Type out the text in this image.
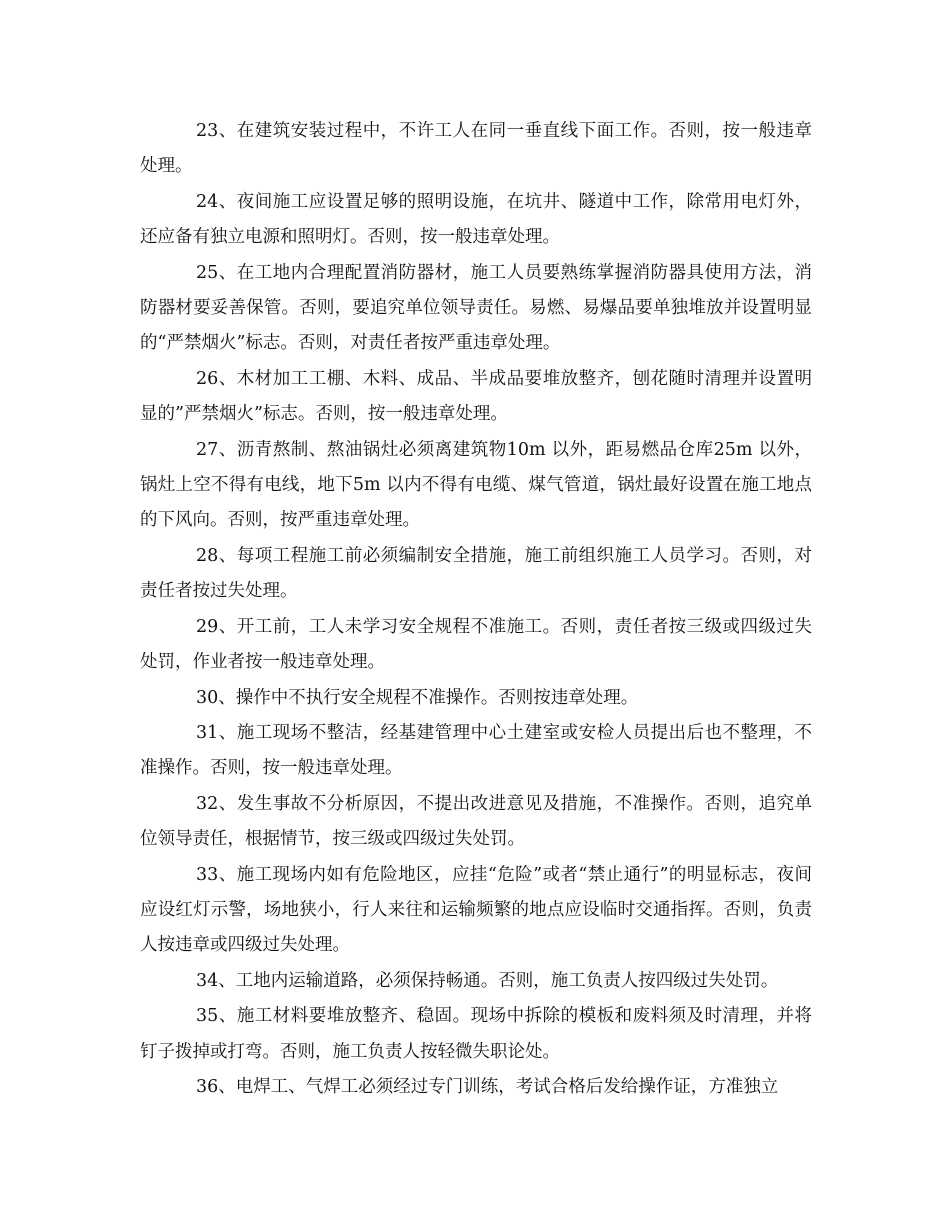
23、在建筑安装过程中，不许工人在同一垂直线下面工作。否则，按一般违章处理。

24、夜间施工应设置足够的照明设施，在坑井、隧道中工作，除常用电灯外，还应备有独立电源和照明灯。否则，按一般违章处理。

25、在工地内合理配置消防器材，施工人员要熟练掌握消防器具使用方法，消防器材要妥善保管。否则，要追究单位领导责任。易燃、易爆品要单独堆放并设置明显的“严禁烟火”标志。否则，对责任者按严重违章处理。

26、木材加工工棚、木料、成品、半成品要堆放整齐，刨花随时清理并设置明显的”严禁烟火”标志。否则，按一般违章处理。

27、沥青熬制、熬油锅灶必须离建筑物10m 以外，距易燃品仓库25m 以外，锅灶上空不得有电线，地下5m 以内不得有电缆、煤气管道，锅灶最好设置在施工地点的下风向。否则，按严重违章处理。

28、每项工程施工前必须编制安全措施，施工前组织施工人员学习。否则，对责任者按过失处理。

29、开工前，工人未学习安全规程不准施工。否则，责任者按三级或四级过失处罚，作业者按一般违章处理。

30、操作中不执行安全规程不准操作。否则按违章处理。

31、施工现场不整洁，经基建管理中心土建室或安检人员提出后也不整理，不准操作。否则，按一般违章处理。

32、发生事故不分析原因，不提出改进意见及措施，不准操作。否则，追究单位领导责任，根据情节，按三级或四级过失处罚。

33、施工现场内如有危险地区，应挂“危险”或者“禁止通行”的明显标志，夜间应设红灯示警，场地狭小，行人来往和运输频繁的地点应设临时交通指挥。否则，负责人按违章或四级过失处理。

34、工地内运输道路，必须保持畅通。否则，施工负责人按四级过失处罚。

35、施工材料要堆放整齐、稳固。现场中拆除的模板和废料须及时清理，并将钉子拨掉或打弯。否则，施工负责人按轻微失职论处。

36、电焊工、气焊工必须经过专门训练，考试合格后发给操作证，方准独立
